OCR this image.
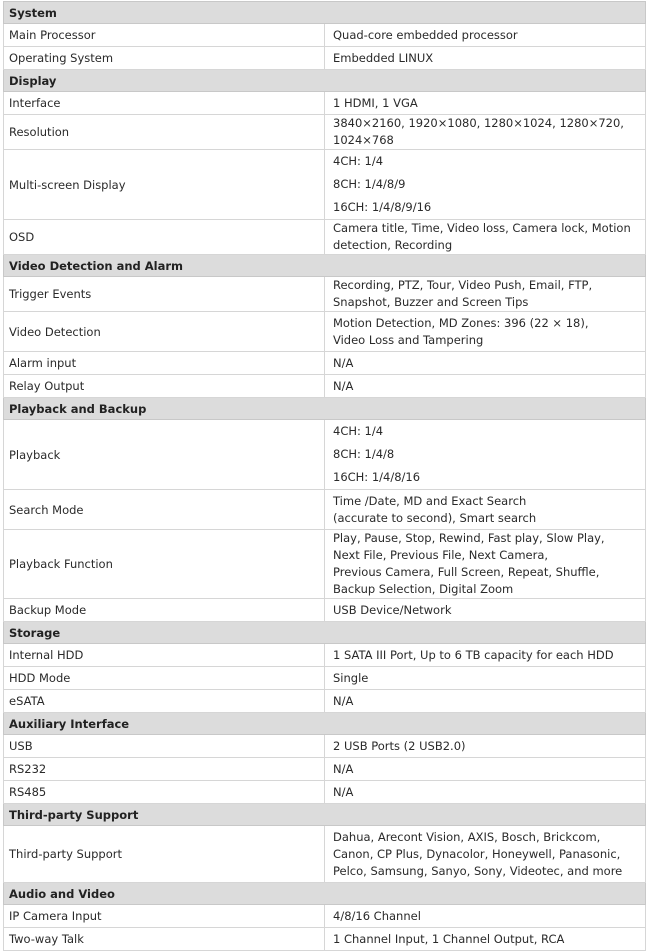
System	
Main Processor	Quad-core embedded processor

Operating System	Embedded LINUX

Display	
Interface	1 HDMI, 1 VGA

Resolution	3840×2160, 1920×1080, 1280×1024, 1280×720, 1024×768

Multi-screen Display	4CH: 1/4
8CH: 1/4/8/9
16CH: 1/4/8/9/16

OSD	Camera title, Time, Video loss, Camera lock, Motion detection, Recording

Video Detection and Alarm	
Trigger Events	Recording, PTZ, Tour, Video Push, Email, FTP, Snapshot, Buzzer and Screen Tips

Video Detection	Motion Detection, MD Zones: 396 (22 × 18),
Video Loss and Tampering

Alarm input	N/A

Relay Output	N/A

Playback and Backup	
Playback	4CH: 1/4
8CH: 1/4/8
16CH: 1/4/8/16

Search Mode	Time /Date, MD and Exact Search
(accurate to second), Smart search

Playback Function	Play, Pause, Stop, Rewind, Fast play, Slow Play,
Next File, Previous File, Next Camera,
Previous Camera, Full Screen, Repeat, Shuffle, Backup Selection, Digital Zoom

Backup Mode	USB Device/Network

Storage	
Internal HDD	1 SATA III Port, Up to 6 TB capacity for each HDD

HDD Mode	Single

eSATA	N/A

Auxiliary Interface	
USB	2 USB Ports (2 USB2.0)

RS232	N/A

RS485	N/A

Third-party Support	
Third-party Support	Dahua, Arecont Vision, AXIS, Bosch, Brickcom,
Canon, CP Plus, Dynacolor, Honeywell, Panasonic,
Pelco, Samsung, Sanyo, Sony, Videotec, and more

Audio and Video	
IP Camera Input	4/8/16 Channel

Two-way Talk	1 Channel Input, 1 Channel Output, RCA
